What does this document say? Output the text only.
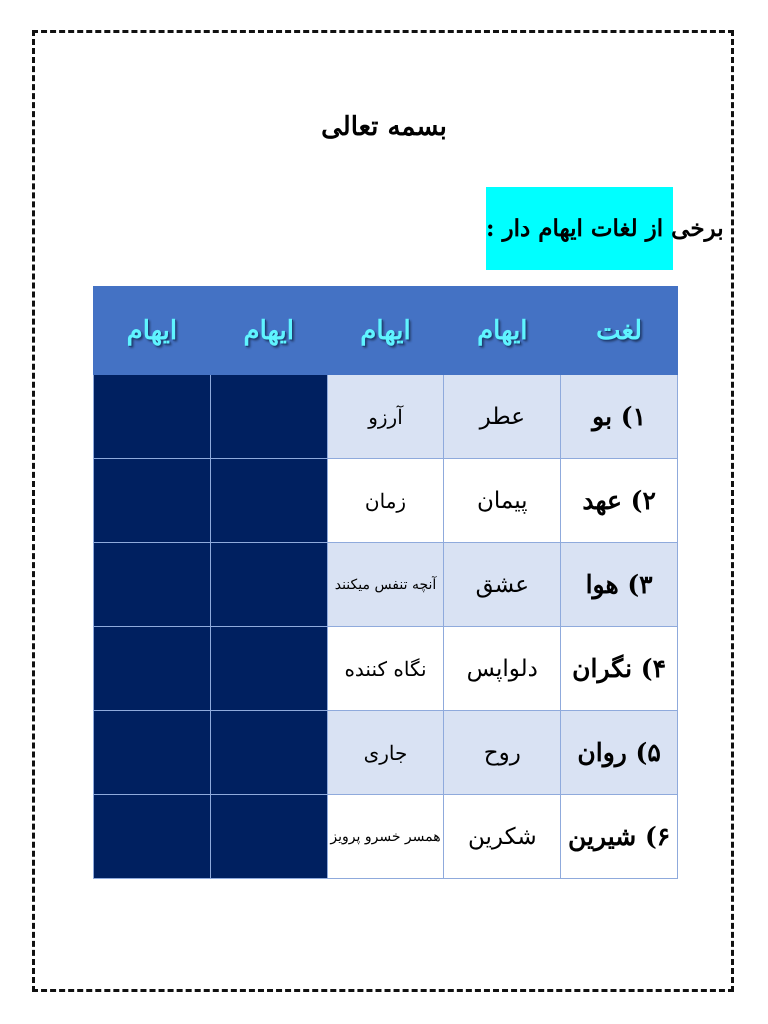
بسمه تعالی
برخی از لغات ایهام دار :
لغت	ایهام	ایهام	ایهام	ایهام
۱) بو	عطر	آرزو		
۲) عهد	پیمان	زمان		
۳) هوا	عشق	آنچه تنفس میکنند		
۴) نگران	دلواپس	نگاه کننده		
۵) روان	روح	جاری		
۶) شیرین	شکرین	همسر خسرو پرویز		
